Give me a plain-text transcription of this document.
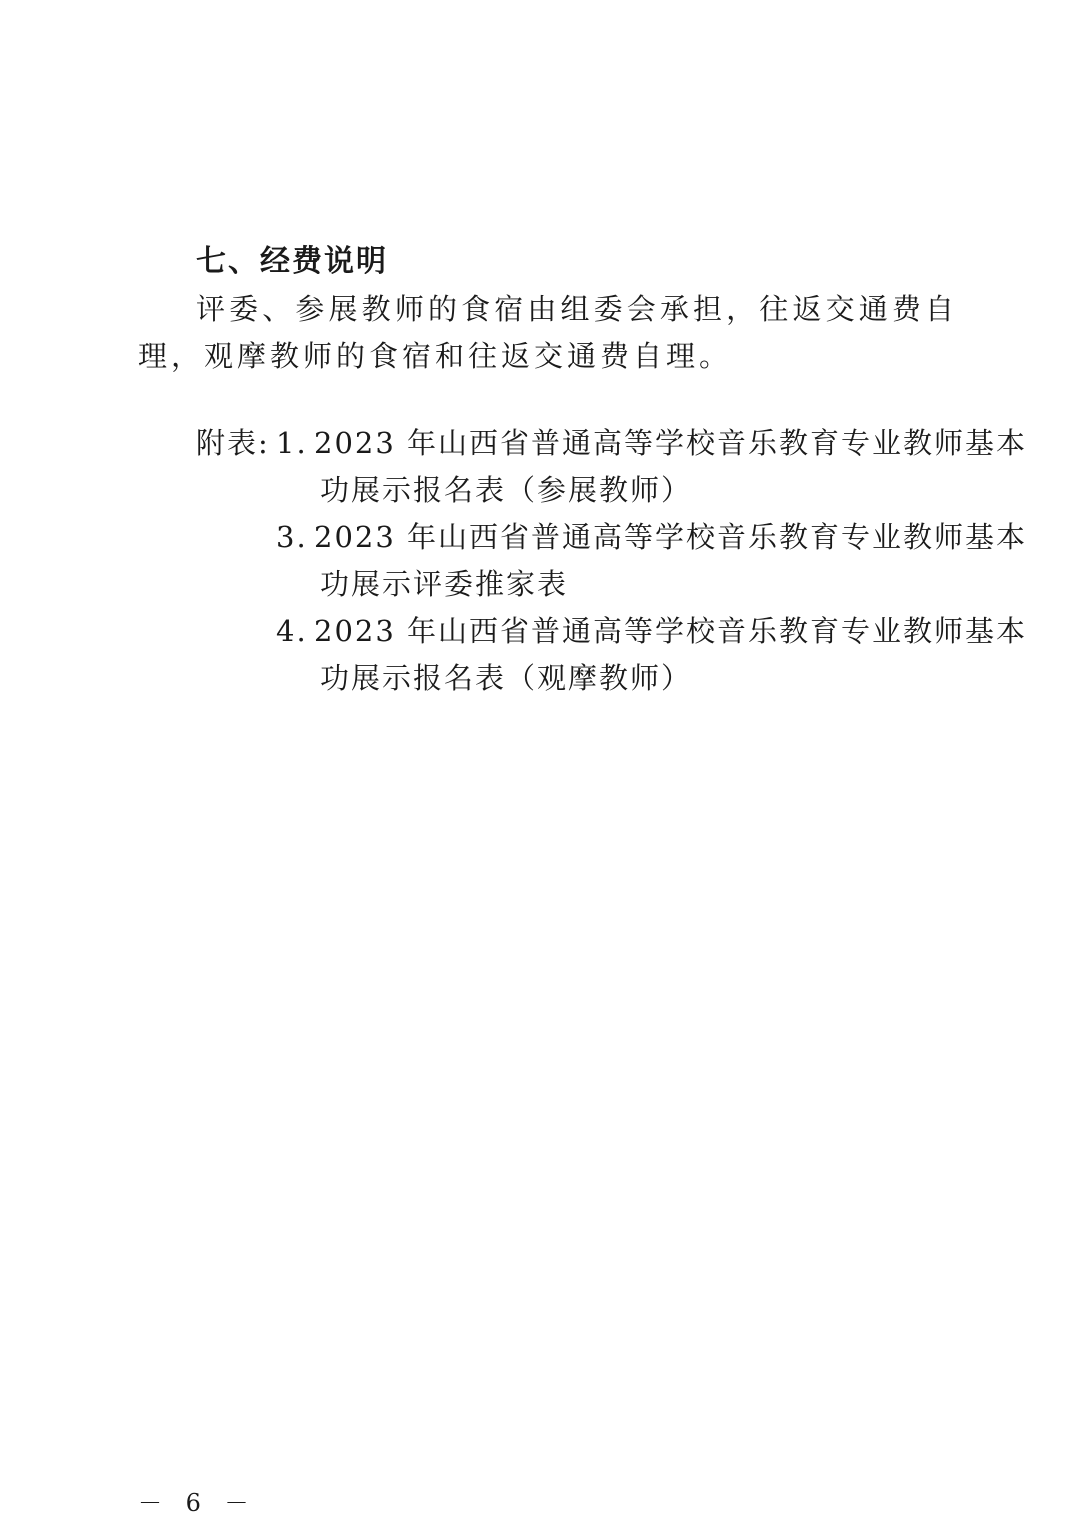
七、经费说明
评委、参展教师的食宿由组委会承担，往返交通费自理，观摩教师的食宿和往返交通费自理。
附表: 1. 2023 年山西省普通高等学校音乐教育专业教师基本
功展示报名表（参展教师）
3. 2023 年山西省普通高等学校音乐教育专业教师基本
功展示评委推家表
4. 2023 年山西省普通高等学校音乐教育专业教师基本
功展示报名表（观摩教师）
－ 6 －
